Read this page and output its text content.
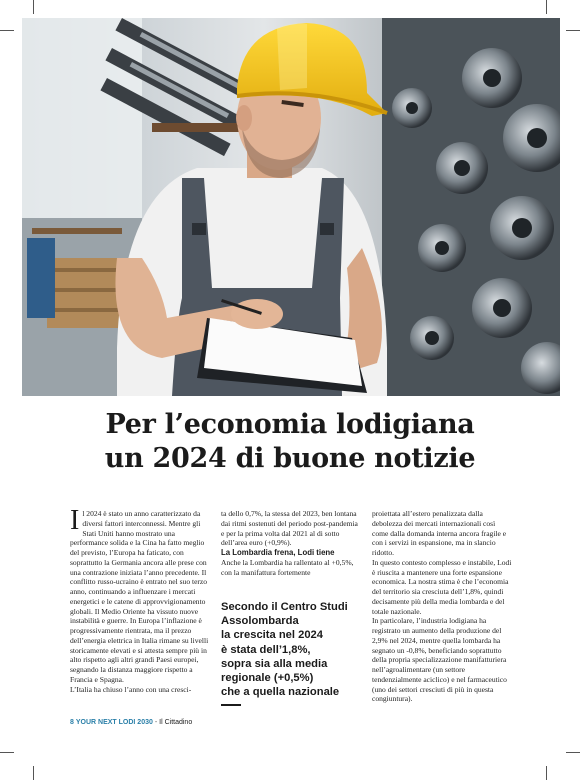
Per l’economia lodigiana
un 2024 di buone notizie

Il 2024 è stato un anno caratterizzato da diversi fattori interconnessi. Mentre gli Stati Uniti hanno mostrato una performance solida e la Cina ha fatto meglio del previsto, l’Europa ha faticato, con soprattutto la Germania ancora alle prese con una contrazione iniziata l’anno precedente. Il conflitto russo-ucraino è entrato nel suo terzo anno, continuando a influenzare i mercati energetici e le catene di approvvigionamento globali. Il Medio Oriente ha vissuto nuove instabilità e guerre. In Europa l’inflazione è progressivamente rientrata, ma il prezzo dell’energia elettrica in Italia rimane su livelli storicamente elevati e si attesta sempre più in alto rispetto agli altri grandi Paesi europei, segnando la distanza maggiore rispetto a Francia e Spagna.

L’Italia ha chiuso l’anno con una cresci-

ta dello 0,7%, la stessa del 2023, ben lontana dai ritmi sostenuti del periodo post-pandemia e per la prima volta dal 2021 al di sotto dell’area euro (+0,9%).

La Lombardia frena, Lodi tiene

Anche la Lombardia ha rallentato al +0,5%, con la manifattura fortemente

Secondo il Centro Studi
Assolombarda
la crescita nel 2024
è stata dell’1,8%,
sopra sia alla media
regionale (+0,5%)
che a quella nazionale

proiettata all’estero penalizzata dalla debolezza dei mercati internazionali così come dalla domanda interna ancora fragile e con i servizi in espansione, ma in slancio ridotto.

In questo contesto complesso e instabile, Lodi è riuscita a mantenere una forte espansione economica. La nostra stima è che l’economia del territorio sia cresciuta dell’1,8%, quindi decisamente più della media lombarda e del totale nazionale.

In particolare, l’industria lodigiana ha registrato un aumento della produzione del 2,9% nel 2024, mentre quella lombarda ha segnato un -0,8%, beneficiando soprattutto della propria specializzazione manifatturiera nell’agroalimentare (un settore tendenzialmente aciclico) e nel farmaceutico (uno dei settori cresciuti di più in questa congiuntura).

8 YOUR NEXT LODI 2030 - Il Cittadino
